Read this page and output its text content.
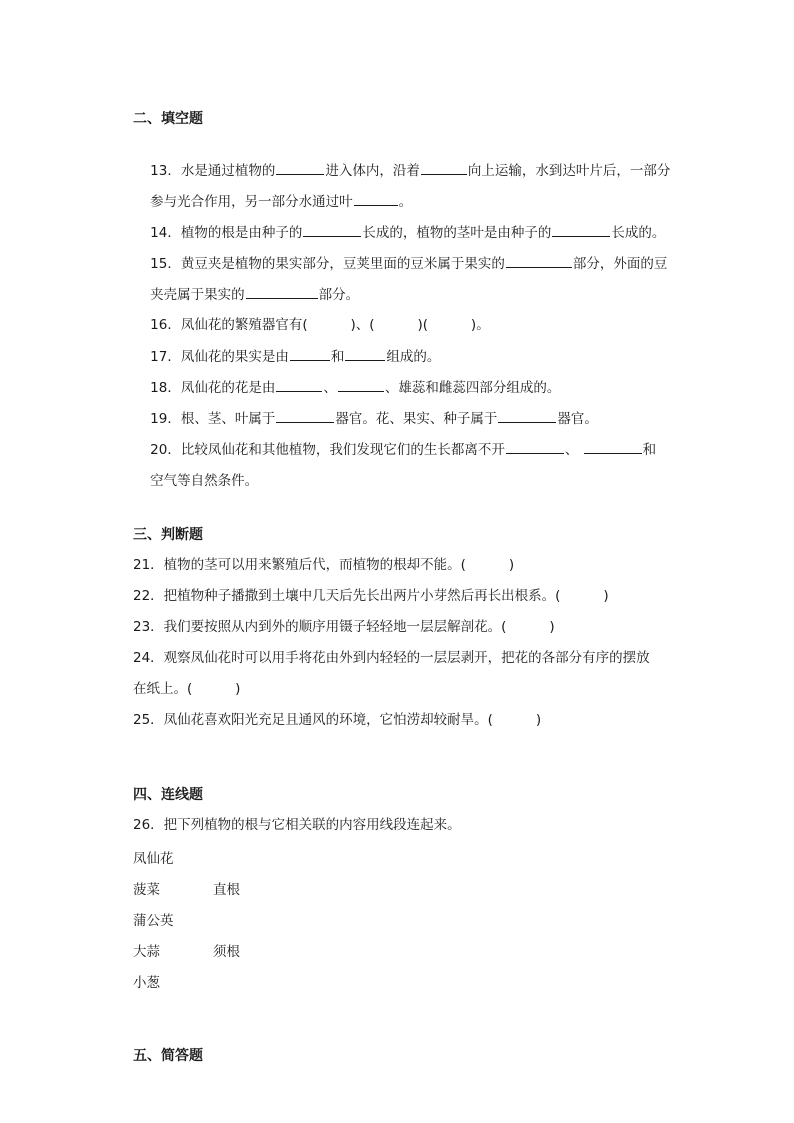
二、填空题

13．水是通过植物的	进入体内，沿着	向上运输，水到达叶片后，一部分

参与光合作用，另一部分水通过叶	。

14．植物的根是由种子的	长成的，植物的茎叶是由种子的	长成的。

15．黄豆夹是植物的果实部分，豆荚里面的豆米属于果实的	部分，外面的豆

夹壳属于果实的	部分。

16．凤仙花的繁殖器官有(          )、(          )(          )。

17．凤仙花的果实是由	和	组成的。

18．凤仙花的花是由	、	、雄蕊和雌蕊四部分组成的。

19．根、茎、叶属于	器官。花、果实、种子属于	器官。

20．比较凤仙花和其他植物，我们发现它们的生长都离不开	、	和

空气等自然条件。

三、判断题
21．植物的茎可以用来繁殖后代，而植物的根却不能。(          )
22．把植物种子播撒到土壤中几天后先长出两片小芽然后再长出根系。(          )
23．我们要按照从内到外的顺序用镊子轻轻地一层层解剖花。(          )
24．观察凤仙花时可以用手将花由外到内轻轻的一层层剥开，把花的各部分有序的摆放
在纸上。(          )
25．凤仙花喜欢阳光充足且通风的环境，它怕涝却较耐旱。(          )
四、连线题
26．把下列植物的根与它相关联的内容用线段连起来。
凤仙花
菠菜
蒲公英
大蒜
小葱
直根
须根
五、简答题
